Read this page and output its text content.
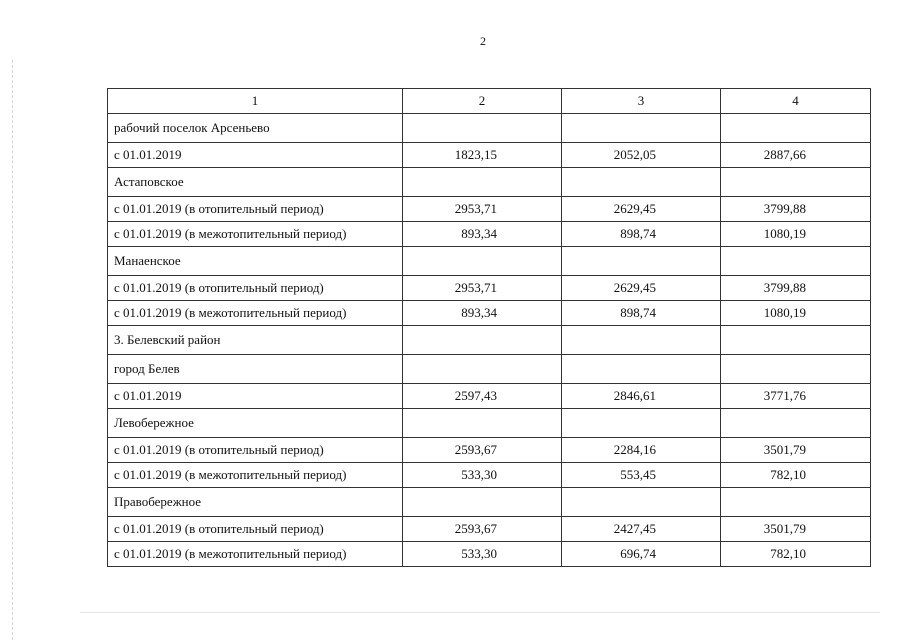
2
1	2	3	4
рабочий поселок Арсеньево			
с 01.01.2019	1823,15	2052,05	2887,66
Астаповское			
с 01.01.2019 (в отопительный период)	2953,71	2629,45	3799,88
с 01.01.2019 (в межотопительный период)	893,34	898,74	1080,19
Манаенское			
с 01.01.2019 (в отопительный период)	2953,71	2629,45	3799,88
с 01.01.2019 (в межотопительный период)	893,34	898,74	1080,19
3. Белевский район			
город Белев			
с 01.01.2019	2597,43	2846,61	3771,76
Левобережное			
с 01.01.2019 (в отопительный период)	2593,67	2284,16	3501,79
с 01.01.2019 (в межотопительный период)	533,30	553,45	782,10
Правобережное			
с 01.01.2019 (в отопительный период)	2593,67	2427,45	3501,79
с 01.01.2019 (в межотопительный период)	533,30	696,74	782,10
